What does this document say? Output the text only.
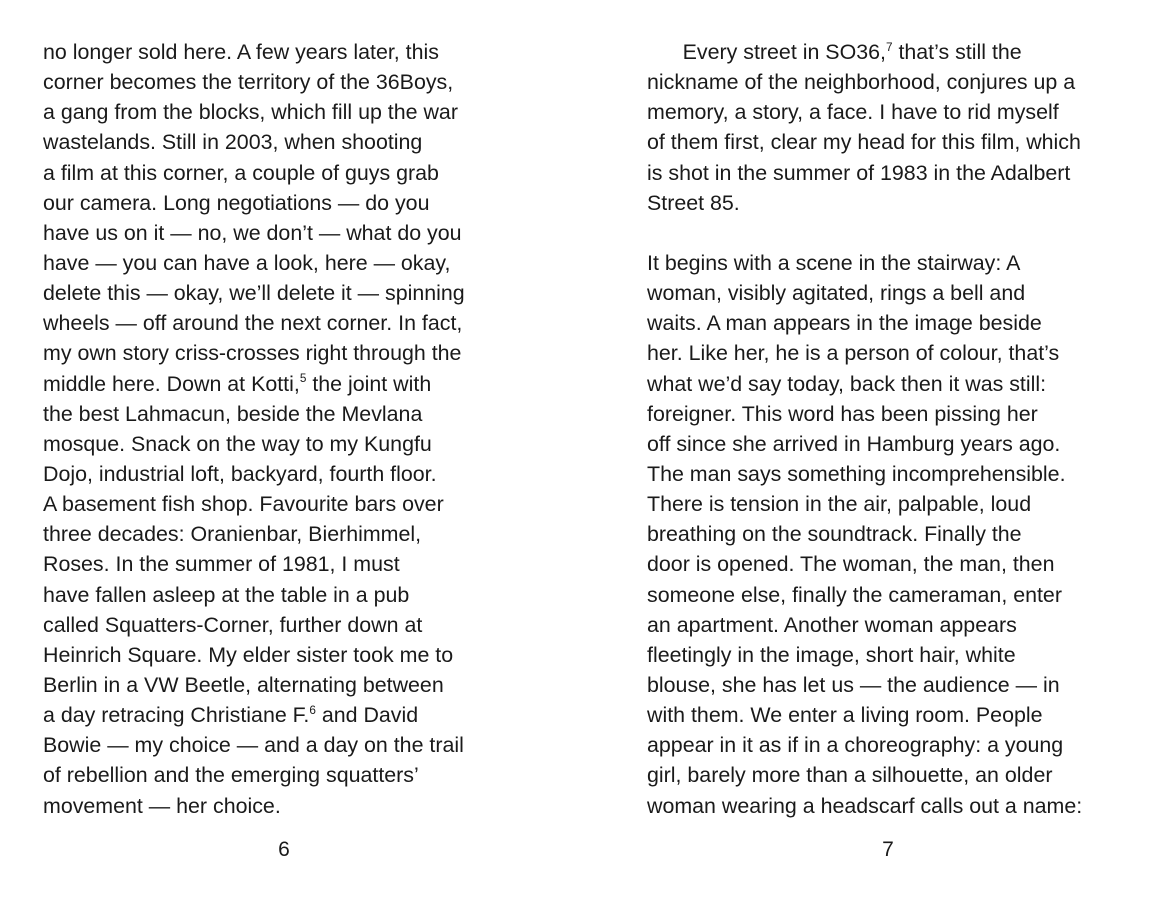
no longer sold here. A few years later, this
corner becomes the territory of the 36Boys,
a gang from the blocks, which fill up the war
wastelands. Still in 2003, when shooting
a film at this corner, a couple of guys grab
our camera. Long negotiations — do you
have us on it — no, we don’t — what do you
have — you can have a look, here — okay,
delete this — okay, we’ll delete it — spinning
wheels — off around the next corner. In fact,
my own story criss-crosses right through the
middle here. Down at Kotti,$^5$ the joint with
the best Lahmacun, beside the Mevlana
mosque. Snack on the way to my Kungfu
Dojo, industrial loft, backyard, fourth floor.
A basement fish shop. Favourite bars over
three decades: Oranienbar, Bierhimmel,
Roses. In the summer of 1981, I must
have fallen asleep at the table in a pub
called Squatters-Corner, further down at
Heinrich Square. My elder sister took me to
Berlin in a VW Beetle, alternating between
a day retracing Christiane F.$^6$ and David
Bowie — my choice — and a day on the trail
of rebellion and the emerging squatters’
movement — her choice.
6
Every street in SO36,$^7$ that’s still the
nickname of the neighborhood, conjures up a
memory, a story, a face. I have to rid myself
of them first, clear my head for this film, which
is shot in the summer of 1983 in the Adalbert
Street 85.
It begins with a scene in the stairway: A
woman, visibly agitated, rings a bell and
waits. A man appears in the image beside
her. Like her, he is a person of colour, that’s
what we’d say today, back then it was still:
foreigner. This word has been pissing her
off since she arrived in Hamburg years ago.
The man says something incomprehensible.
There is tension in the air, palpable, loud
breathing on the soundtrack. Finally the
door is opened. The woman, the man, then
someone else, finally the cameraman, enter
an apartment. Another woman appears
fleetingly in the image, short hair, white
blouse, she has let us — the audience — in
with them. We enter a living room. People
appear in it as if in a choreography: a young
girl, barely more than a silhouette, an older
woman wearing a headscarf calls out a name:
7
